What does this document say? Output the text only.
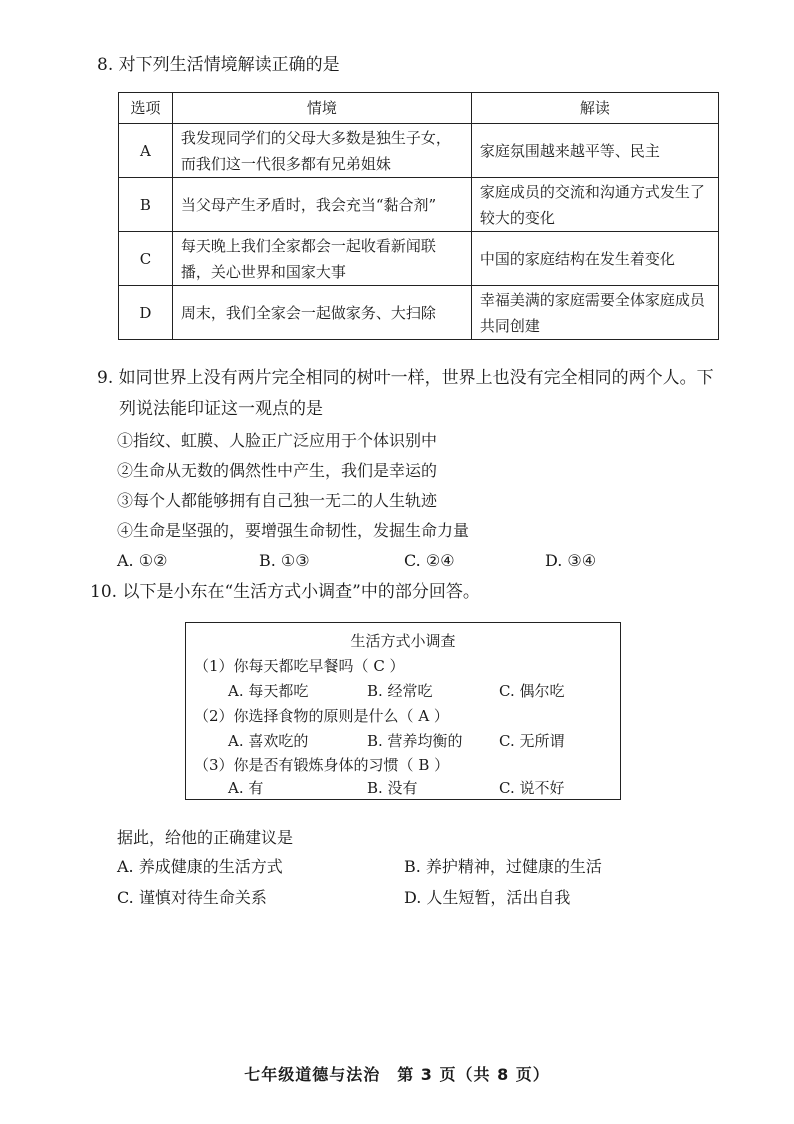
8. 对下列生活情境解读正确的是
选项	情境	解读
A	我发现同学们的父母大多数是独生子女，而我们这一代很多都有兄弟姐妹	家庭氛围越来越平等、民主
B	当父母产生矛盾时，我会充当“黏合剂”	家庭成员的交流和沟通方式发生了较大的变化
C	每天晚上我们全家都会一起收看新闻联播，关心世界和国家大事	中国的家庭结构在发生着变化
D	周末，我们全家会一起做家务、大扫除	幸福美满的家庭需要全体家庭成员共同创建
9. 如同世界上没有两片完全相同的树叶一样，世界上也没有完全相同的两个人。下
列说法能印证这一观点的是
①指纹、虹膜、人脸正广泛应用于个体识别中
②生命从无数的偶然性中产生，我们是幸运的
③每个人都能够拥有自己独一无二的人生轨迹
④生命是坚强的，要增强生命韧性，发掘生命力量
A. ①②	B. ①③	C. ②④	D. ③④
10. 以下是小东在“生活方式小调查”中的部分回答。
生活方式小调查
（1）你每天都吃早餐吗（ C ）
A. 每天都吃	B. 经常吃	C. 偶尔吃
（2）你选择食物的原则是什么（ A ）
A. 喜欢吃的	B. 营养均衡的 C. 无所谓
（3）你是否有锻炼身体的习惯（ B ）
A. 有	B. 没有	C. 说不好
据此，给他的正确建议是
A. 养成健康的生活方式	B. 养护精神，过健康的生活
C. 谨慎对待生命关系	D. 人生短暂，活出自我
七年级道德与法治　第 3 页（共 8 页）
